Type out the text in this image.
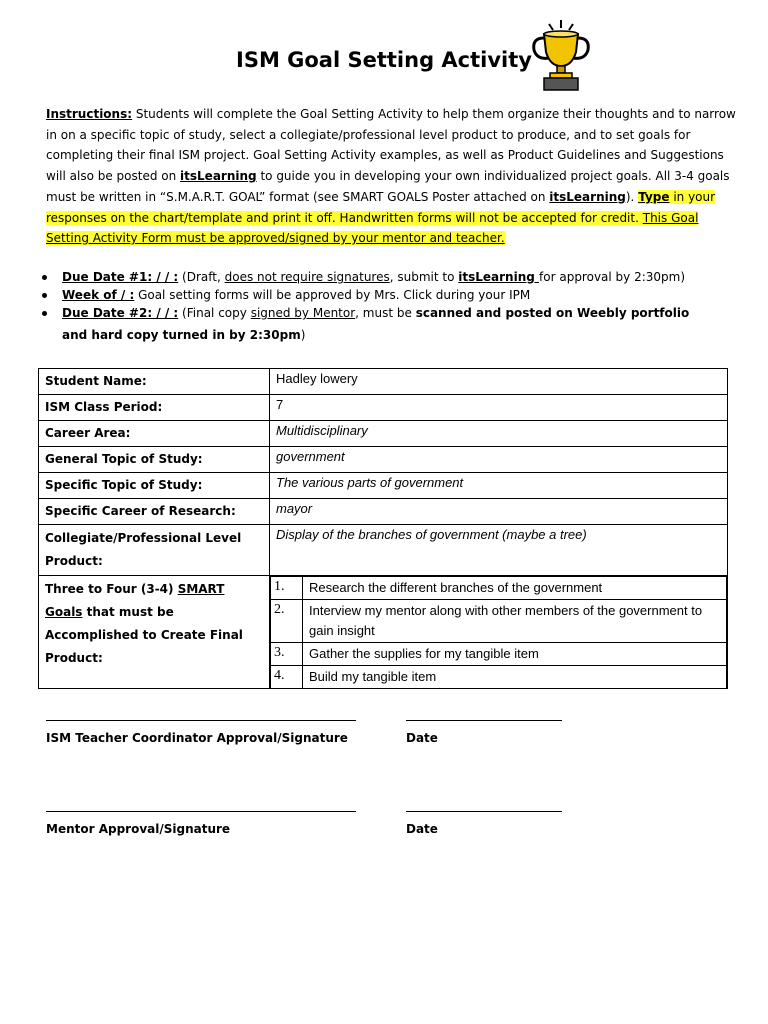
ISM Goal Setting Activity
Instructions: Students will complete the Goal Setting Activity to help them organize their thoughts and to narrow
in on a specific topic of study, select a collegiate/professional level product to produce, and to set goals for
completing their final ISM project. Goal Setting Activity examples, as well as Product Guidelines and Suggestions
will also be posted on itsLearning to guide you in developing your own individualized project goals. All 3-4 goals
must be written in “S.M.A.R.T. GOAL” format (see SMART GOALS Poster attached on itsLearning). Type in your
responses on the chart/template and print it off. Handwritten forms will not be accepted for credit. This Goal
Setting Activity Form must be approved/signed by your mentor and teacher.
Due Date #1: / / : (Draft, does not require signatures, submit to itsLearning for approval by 2:30pm)
Week of / : Goal setting forms will be approved by Mrs. Click during your IPM
Due Date #2: / / : (Final copy signed by Mentor, must be scanned and posted on Weebly portfolio
and hard copy turned in by 2:30pm)
Student Name:	Hadley lowery
ISM Class Period:	7
Career Area:	Multidisciplinary
General Topic of Study:	government
Specific Topic of Study:	The various parts of government
Specific Career of Research:	mayor
Collegiate/Professional Level Product:	Display of the branches of government (maybe a tree)
Three to Four (3-4) SMART Goals that must be Accomplished to Create Final Product:	
1.	Research the different branches of the government
2.	Interview my mentor along with other members of the government to gain insight
3.	Gather the supplies for my tangible item
4.	Build my tangible item
ISM Teacher Coordinator Approval/Signature	Date
Mentor Approval/Signature	Date
